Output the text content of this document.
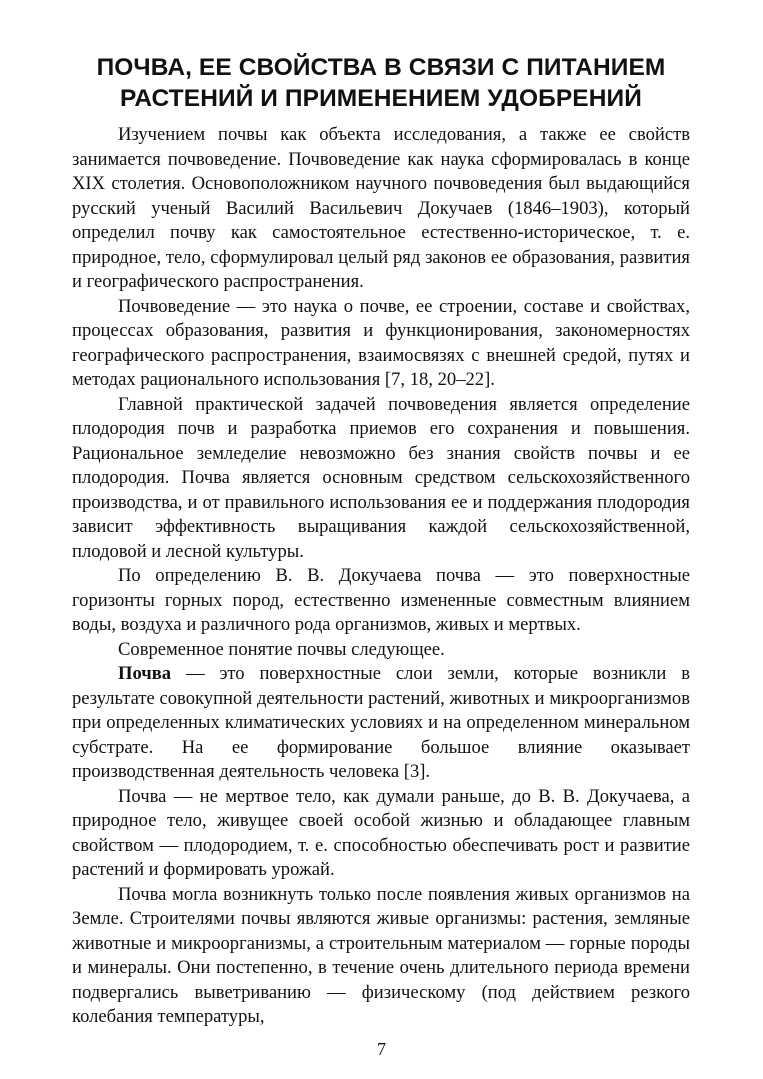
ПОЧВА, ЕЕ СВОЙСТВА В СВЯЗИ С ПИТАНИЕМ
РАСТЕНИЙ И ПРИМЕНЕНИЕМ УДОБРЕНИЙ

Изучением почвы как объекта исследования, а также ее свойств занимается почвоведение. Почвоведение как наука сформировалась в конце XIX столетия. Основоположником научного почвоведения был выдающийся русский ученый Василий Васильевич Докучаев (1846–1903), который определил почву как самостоятельное естественно-историческое, т. е. природное, тело, сформулировал целый ряд законов ее образования, развития и географического распространения.

Почвоведение — это наука о почве, ее строении, составе и свойствах, процессах образования, развития и функционирования, закономерностях географического распространения, взаимосвязях с внешней средой, путях и методах рационального использования [7, 18, 20–22].

Главной практической задачей почвоведения является определение плодородия почв и разработка приемов его сохранения и повышения. Рациональное земледелие невозможно без знания свойств почвы и ее плодородия. Почва является основным средством сельскохозяйственного производства, и от правильного использования ее и поддержания плодородия зависит эффективность выращивания каждой сельскохозяйственной, плодовой и лесной культуры.

По определению В. В. Докучаева почва — это поверхностные горизонты горных пород, естественно измененные совместным влиянием воды, воздуха и различного рода организмов, живых и мертвых.

Современное понятие почвы следующее.

Почва — это поверхностные слои земли, которые возникли в результате совокупной деятельности растений, животных и микроорганизмов при определенных климатических условиях и на определенном минеральном субстрате. На ее формирование большое влияние оказывает производственная деятельность человека [3].

Почва — не мертвое тело, как думали раньше, до В. В. Докучаева, а природное тело, живущее своей особой жизнью и обладающее главным свойством — плодородием, т. е. способностью обеспечивать рост и развитие растений и формировать урожай.

Почва могла возникнуть только после появления живых организмов на Земле. Строителями почвы являются живые организмы: растения, земляные животные и микроорганизмы, а строительным материалом — горные породы и минералы. Они постепенно, в течение очень длительного периода времени подвергались выветриванию — физическому (под действием резкого колебания температуры,

7
